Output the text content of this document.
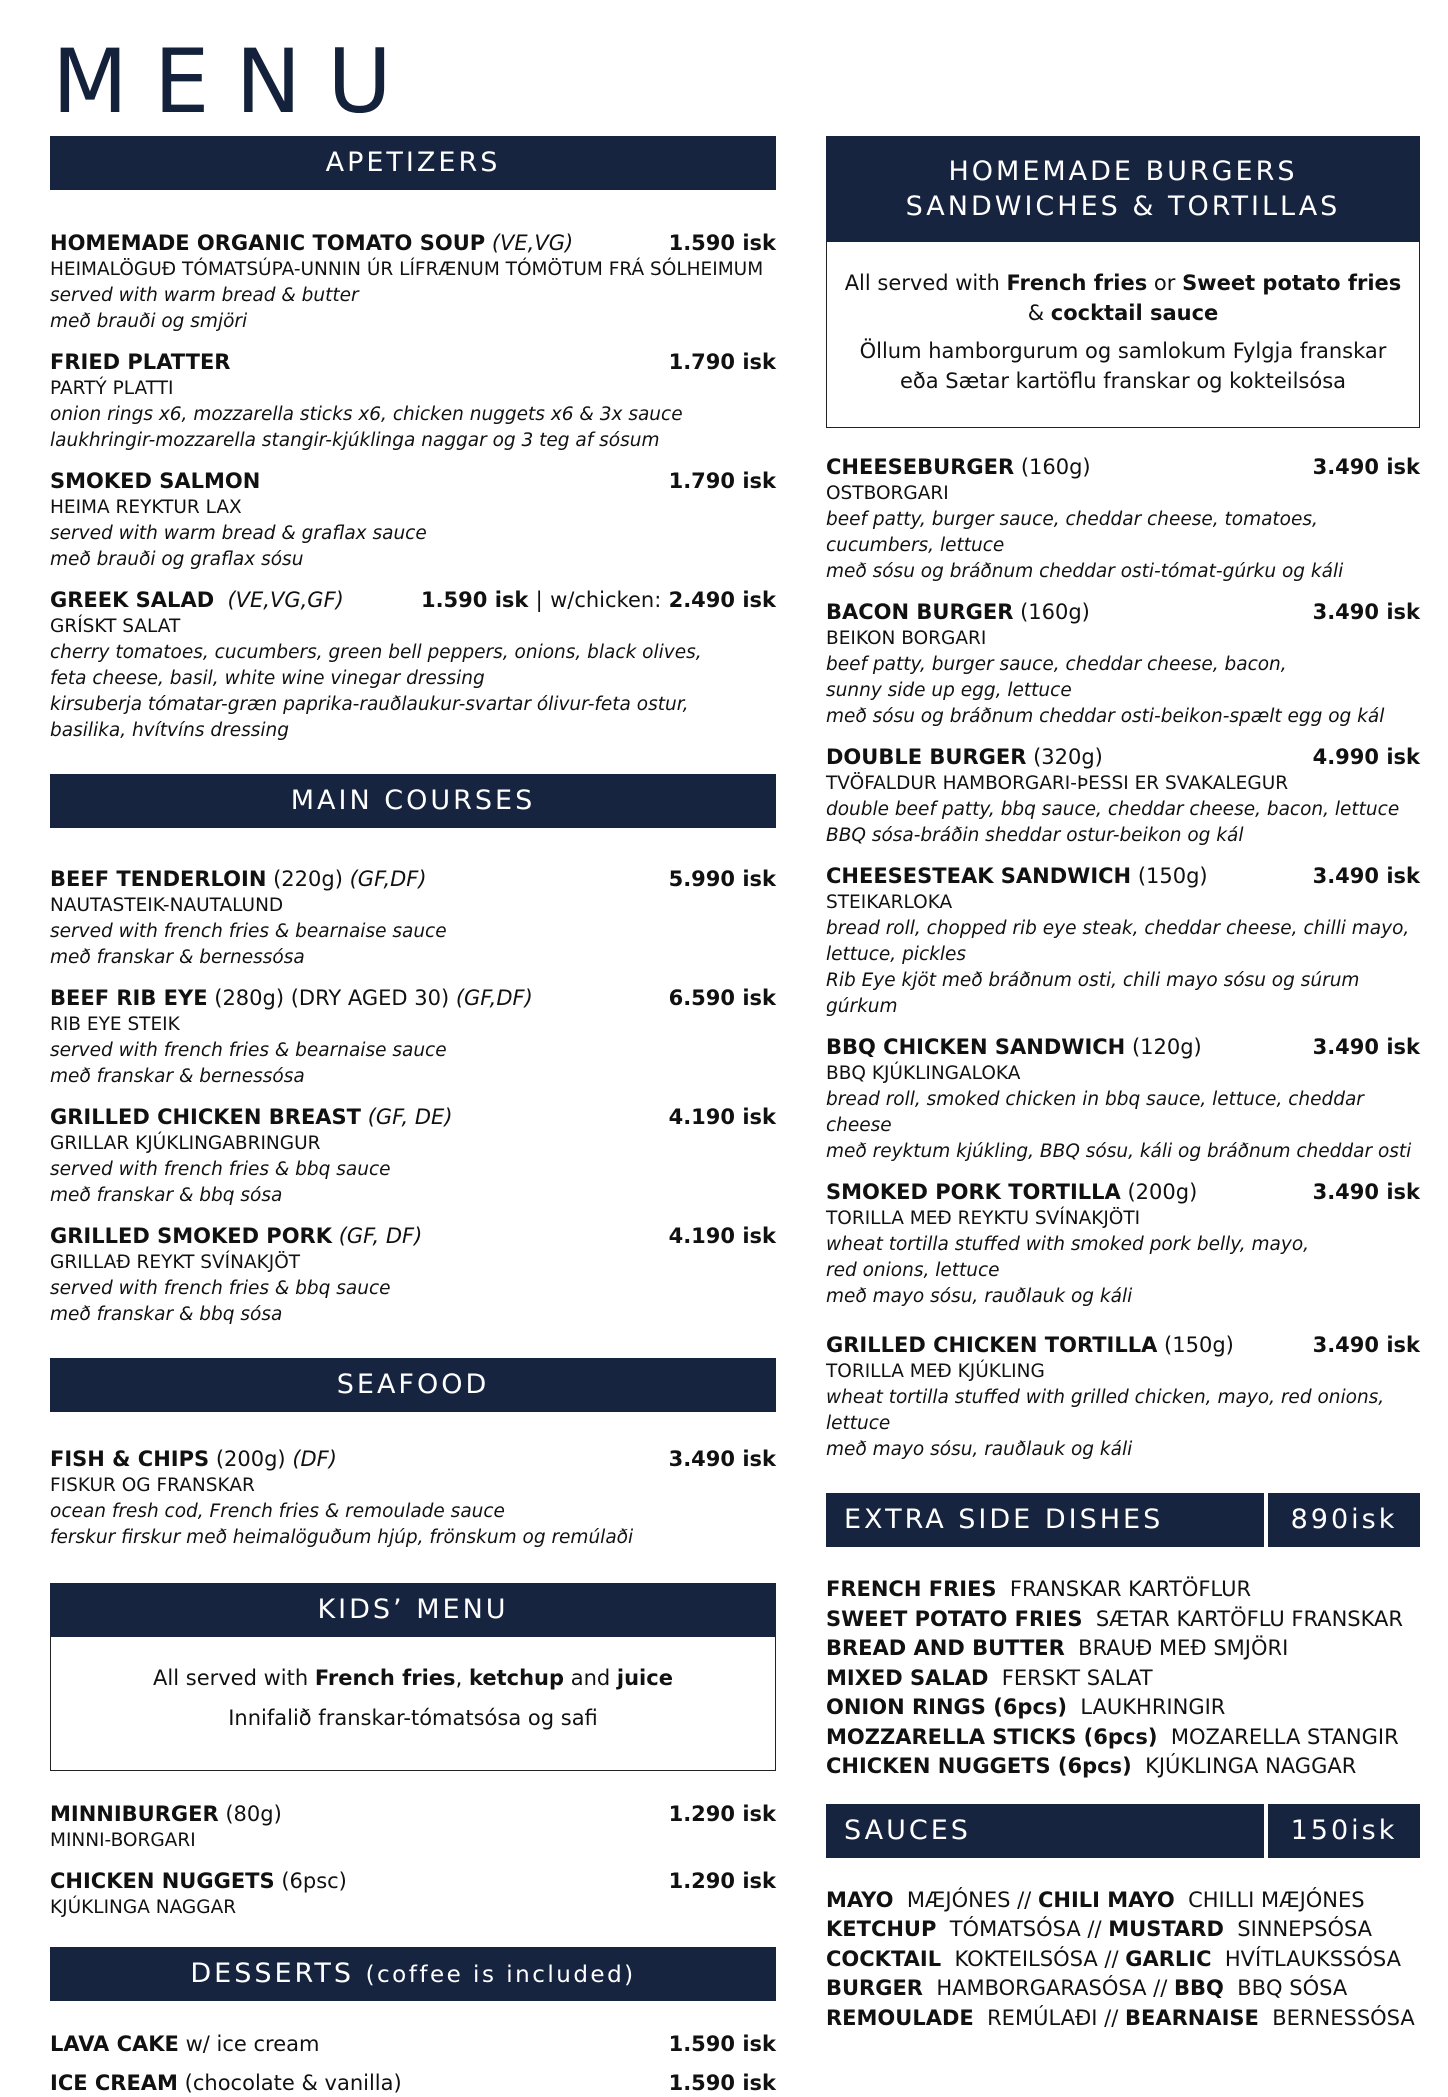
MENU
APETIZERS
HOMEMADE ORGANIC TOMATO SOUP (VE,VG)	1.590 isk
HEIMALÖGUÐ TÓMATSÚPA-UNNIN ÚR LÍFRÆNUM TÓMÖTUM FRÁ SÓLHEIMUM
served with warm bread & butter
með brauði og smjöri
FRIED PLATTER	1.790 isk
PARTÝ PLATTI
onion rings x6, mozzarella sticks x6, chicken nuggets x6 & 3x sauce
laukhringir-mozzarella stangir-kjúklinga naggar og 3 teg af sósum
SMOKED SALMON	1.790 isk
HEIMA REYKTUR LAX
served with warm bread & graflax sauce
með brauði og graflax sósu
GREEK SALAD (VE,VG,GF)	1.590 isk | w/chicken: 2.490 isk
GRÍSKT SALAT
cherry tomatoes, cucumbers, green bell peppers, onions, black olives,
feta cheese, basil, white wine vinegar dressing
kirsuberja tómatar-græn paprika-rauðlaukur-svartar ólivur-feta ostur,
basilika, hvítvíns dressing
MAIN COURSES
BEEF TENDERLOIN (220g) (GF,DF)	5.990 isk
NAUTASTEIK-NAUTALUND
served with french fries & bearnaise sauce
með franskar & bernessósa
BEEF RIB EYE (280g) (DRY AGED 30) (GF,DF)	6.590 isk
RIB EYE STEIK
served with french fries & bearnaise sauce
með franskar & bernessósa
GRILLED CHICKEN BREAST (GF, DE)	4.190 isk
GRILLAR KJÚKLINGABRINGUR
served with french fries & bbq sauce
með franskar & bbq sósa
GRILLED SMOKED PORK (GF, DF)	4.190 isk
GRILLAÐ REYKT SVÍNAKJÖT
served with french fries & bbq sauce
með franskar & bbq sósa
SEAFOOD
FISH & CHIPS (200g) (DF)	3.490 isk
FISKUR OG FRANSKAR
ocean fresh cod, French fries & remoulade sauce
ferskur firskur með heimalöguðum hjúp, frönskum og remúlaði
KIDS’ MENU

All served with French fries, ketchup and juice

Innifalið franskar-tómatsósa og safi

MINNIBURGER (80g)	1.290 isk
MINNI-BORGARI
CHICKEN NUGGETS (6psc)	1.290 isk
KJÚKLINGA NAGGAR
DESSERTS (coffee is included)
LAVA CAKE w/ ice cream	1.590 isk
ICE CREAM (chocolate & vanilla)	1.590 isk
HOMEMADE BURGERS
SANDWICHES & TORTILLAS

All served with French fries or Sweet potato fries

& cocktail sauce

Öllum hamborgurum og samlokum Fylgja franskar

eða Sætar kartöflu franskar og kokteilsósa

CHEESEBURGER (160g)	3.490 isk
OSTBORGARI
beef patty, burger sauce, cheddar cheese, tomatoes,
cucumbers, lettuce
með sósu og bráðnum cheddar osti-tómat-gúrku og káli
BACON BURGER (160g)	3.490 isk
BEIKON BORGARI
beef patty, burger sauce, cheddar cheese, bacon,
sunny side up egg, lettuce
með sósu og bráðnum cheddar osti-beikon-spælt egg og kál
DOUBLE BURGER (320g)	4.990 isk
TVÖFALDUR HAMBORGARI-ÞESSI ER SVAKALEGUR
double beef patty, bbq sauce, cheddar cheese, bacon, lettuce
BBQ sósa-bráðin sheddar ostur-beikon og kál
CHEESESTEAK SANDWICH (150g)	3.490 isk
STEIKARLOKA
bread roll, chopped rib eye steak, cheddar cheese, chilli mayo,
lettuce, pickles
Rib Eye kjöt með bráðnum osti, chili mayo sósu og súrum
gúrkum
BBQ CHICKEN SANDWICH (120g)	3.490 isk
BBQ KJÚKLINGALOKA
bread roll, smoked chicken in bbq sauce, lettuce, cheddar cheese
með reyktum kjúkling, BBQ sósu, káli og bráðnum cheddar osti
SMOKED PORK TORTILLA (200g)	3.490 isk
TORILLA MEÐ REYKTU SVÍNAKJÖTI
wheat tortilla stuffed with smoked pork belly, mayo,
red onions, lettuce
með mayo sósu, rauðlauk og káli
GRILLED CHICKEN TORTILLA (150g)	3.490 isk
TORILLA MEÐ KJÚKLING
wheat tortilla stuffed with grilled chicken, mayo, red onions,
lettuce
með mayo sósu, rauðlauk og káli
EXTRA SIDE DISHES	890isk
FRENCH FRIES FRANSKAR KARTÖFLUR
SWEET POTATO FRIES SÆTAR KARTÖFLU FRANSKAR
BREAD AND BUTTER BRAUÐ MEÐ SMJÖRI
MIXED SALAD FERSKT SALAT
ONION RINGS (6pcs) LAUKHRINGIR
MOZZARELLA STICKS (6pcs) MOZARELLA STANGIR
CHICKEN NUGGETS (6pcs) KJÚKLINGA NAGGAR
SAUCES	150isk
MAYO MÆJÓNES // CHILI MAYO CHILLI MÆJÓNES
KETCHUP TÓMATSÓSA // MUSTARD SINNEPSÓSA
COCKTAIL KOKTEILSÓSA // GARLIC HVÍTLAUKSSÓSA
BURGER HAMBORGARASÓSA // BBQ BBQ SÓSA
REMOULADE REMÚLAÐI // BEARNAISE BERNESSÓSA
